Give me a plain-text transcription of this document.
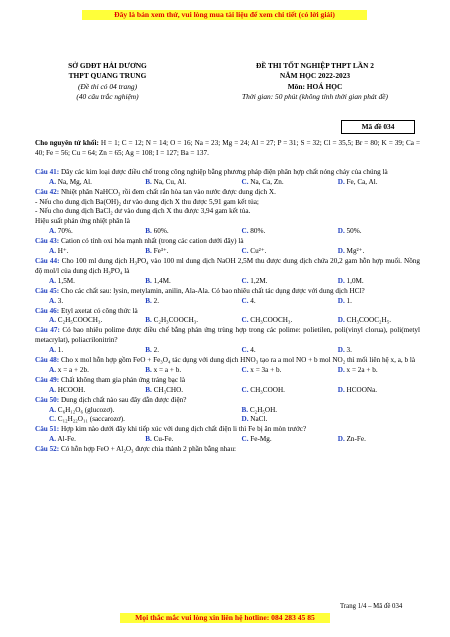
Đây là bản xem thử, vui lòng mua tài liệu để xem chi tiết (có lời giải)
SỞ GDĐT HẢI DƯƠNG
THPT QUANG TRUNG
(Đề thi có 04 trang)
(40 câu trắc nghiệm)
ĐỀ THI TỐT NGHIỆP THPT LẦN 2
NĂM HỌC 2022-2023
Môn: HOÁ HỌC
Thời gian: 50 phút (không tính thời gian phát đề)
Mã đề 034

Cho nguyên tử khối: H = 1; C = 12; N = 14; O = 16; Na = 23; Mg = 24; Al = 27; P = 31; S = 32; Cl = 35,5; Br = 80; K = 39; Ca = 40; Fe = 56; Cu = 64; Zn = 65; Ag = 108; I = 127; Ba = 137.

Câu 41: Dãy các kim loại được điều chế trong công nghiệp bằng phương pháp điện phân hợp chất nóng chảy của chúng là

A. Na, Mg, Al.	B. Na, Cu, Al.	C. Na, Ca, Zn.	D. Fe, Ca, Al.

Câu 42: Nhiệt phân NaHCO₃ rồi đem chất rắn hòa tan vào nước được dung dịch X.

- Nếu cho dung dịch Ba(OH)₂ dư vào dung dịch X thu được 5,91 gam kết tủa;

- Nếu cho dung dịch BaCl₂ dư vào dung dịch X thu được 3,94 gam kết tủa.

Hiệu suất phản ứng nhiệt phân là

A. 70%.	B. 60%.	C. 80%.	D. 50%.

Câu 43: Cation có tính oxi hóa mạnh nhất (trong các cation dưới đây) là

A. H⁺.	B. Fe³⁺.	C. Cu²⁺.	D. Mg²⁺.

Câu 44: Cho 100 ml dung dịch H₃PO₄ vào 100 ml dung dịch NaOH 2,5M thu được dung dịch chứa 20,2 gam hỗn hợp muối. Nồng độ mol/l của dung dịch H₃PO₄ là

A. 1,5M.	B. 1,4M.	C. 1,2M.	D. 1,0M.

Câu 45: Cho các chất sau: lysin, metylamin, anilin, Ala-Ala. Có bao nhiêu chất tác dụng được với dung dịch HCl?

A. 3.	B. 2.	C. 4.	D. 1.

Câu 46: Etyl axetat có công thức là

A. C₂H₅COOCH₃.	B. C₂H₃COOCH₃.	C. CH₃COOCH₃.	D. CH₃COOC₂H₅.

Câu 47: Có bao nhiêu polime được điều chế bằng phản ứng trùng hợp trong các polime: polietilen, poli(vinyl clorua), poli(metyl metacrylat), poliacrilonitrin?

A. 1.	B. 2.	C. 4.	D. 3.

Câu 48: Cho x mol hỗn hợp gồm FeO + Fe₃O₄ tác dụng với dung dịch HNO₃ tạo ra a mol NO + b mol NO₂ thì mối liên hệ x, a, b là

A. x = a + 2b.	B. x = a + b.	C. x = 3a + b.	D. x = 2a + b.

Câu 49: Chất không tham gia phản ứng tráng bạc là

A. HCOOH.	B. CH₃CHO.	C. CH₃COOH.	D. HCOONa.

Câu 50: Dung dịch chất nào sau đây dẫn được điện?

A. C₆H₁₂O₆ (glucozơ).	B. C₂H₅OH.
C. C₁₂H₂₂O₁₁ (saccarozơ).	D. NaCl.

Câu 51: Hợp kim nào dưới đây khi tiếp xúc với dung dịch chất điện li thì Fe bị ăn mòn trước?

A. Al-Fe.	B. Cu-Fe.	C. Fe-Mg.	D. Zn-Fe.

Câu 52: Có hỗn hợp FeO + Al₂O₃ được chia thành 2 phần bằng nhau:

Trang 1/4 – Mã đề 034
Mọi thắc mắc vui lòng xin liên hệ hotline: 084 283 45 85
